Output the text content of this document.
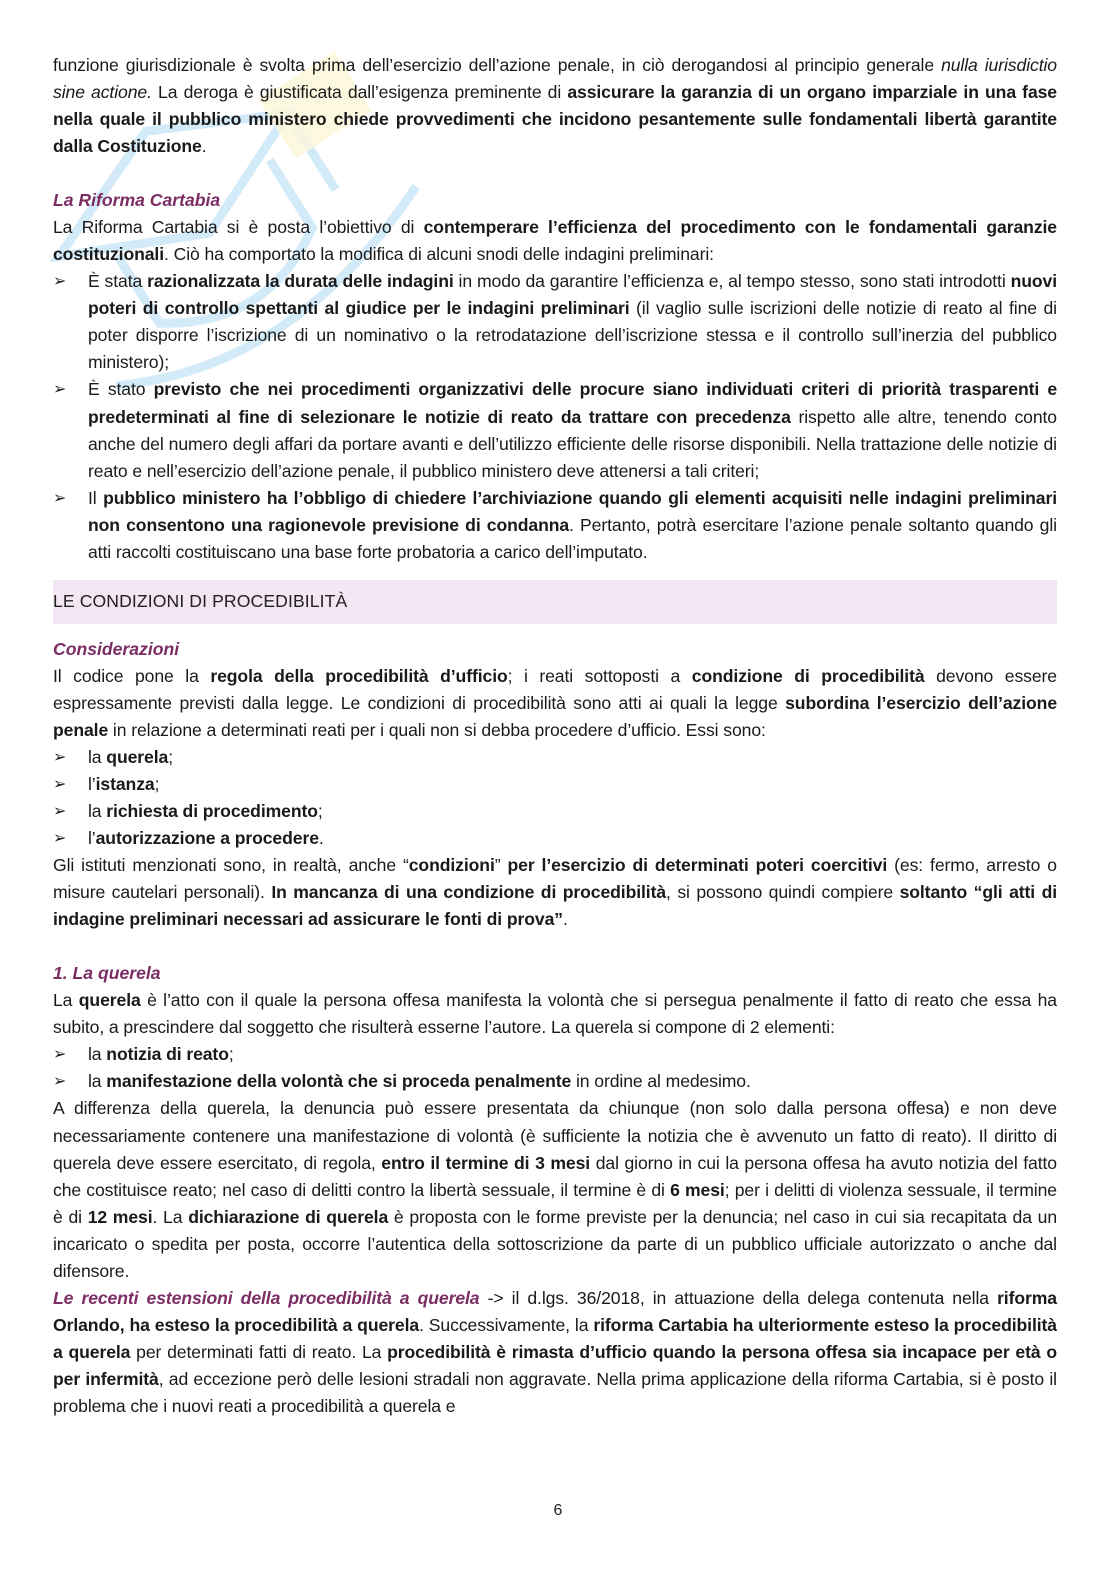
funzione giurisdizionale è svolta prima dell’esercizio dell’azione penale, in ciò derogandosi al principio generale nulla iurisdictio sine actione. La deroga è giustificata dall’esigenza preminente di assicurare la garanzia di un organo imparziale in una fase nella quale il pubblico ministero chiede provvedimenti che incidono pesantemente sulle fondamentali libertà garantite dalla Costituzione.

La Riforma Cartabia

La Riforma Cartabia si è posta l’obiettivo di contemperare l’efficienza del procedimento con le fondamentali garanzie costituzionali. Ciò ha comportato la modifica di alcuni snodi delle indagini preliminari:

➢	È stata razionalizzata la durata delle indagini in modo da garantire l’efficienza e, al tempo stesso, sono stati introdotti nuovi poteri di controllo spettanti al giudice per le indagini preliminari (il vaglio sulle iscrizioni delle notizie di reato al fine di poter disporre l’iscrizione di un nominativo o la retrodatazione dell’iscrizione stessa e il controllo sull’inerzia del pubblico ministero);
➢	È stato previsto che nei procedimenti organizzativi delle procure siano individuati criteri di priorità trasparenti e predeterminati al fine di selezionare le notizie di reato da trattare con precedenza rispetto alle altre, tenendo conto anche del numero degli affari da portare avanti e dell’utilizzo efficiente delle risorse disponibili. Nella trattazione delle notizie di reato e nell’esercizio dell’azione penale, il pubblico ministero deve attenersi a tali criteri;
➢	Il pubblico ministero ha l’obbligo di chiedere l’archiviazione quando gli elementi acquisiti nelle indagini preliminari non consentono una ragionevole previsione di condanna. Pertanto, potrà esercitare l’azione penale soltanto quando gli atti raccolti costituiscano una base forte probatoria a carico dell’imputato.
LE CONDIZIONI DI PROCEDIBILITÀ

Considerazioni

Il codice pone la regola della procedibilità d’ufficio; i reati sottoposti a condizione di procedibilità devono essere espressamente previsti dalla legge. Le condizioni di procedibilità sono atti ai quali la legge subordina l’esercizio dell’azione penale in relazione a determinati reati per i quali non si debba procedere d’ufficio. Essi sono:

➢	la querela;
➢	l’istanza;
➢	la richiesta di procedimento;
➢	l’autorizzazione a procedere.

Gli istituti menzionati sono, in realtà, anche “condizioni” per l’esercizio di determinati poteri coercitivi (es: fermo, arresto o misure cautelari personali). In mancanza di una condizione di procedibilità, si possono quindi compiere soltanto “gli atti di indagine preliminari necessari ad assicurare le fonti di prova”.

1. La querela

La querela è l’atto con il quale la persona offesa manifesta la volontà che si persegua penalmente il fatto di reato che essa ha subito, a prescindere dal soggetto che risulterà esserne l’autore. La querela si compone di 2 elementi:

➢	la notizia di reato;
➢	la manifestazione della volontà che si proceda penalmente in ordine al medesimo.

A differenza della querela, la denuncia può essere presentata da chiunque (non solo dalla persona offesa) e non deve necessariamente contenere una manifestazione di volontà (è sufficiente la notizia che è avvenuto un fatto di reato). Il diritto di querela deve essere esercitato, di regola, entro il termine di 3 mesi dal giorno in cui la persona offesa ha avuto notizia del fatto che costituisce reato; nel caso di delitti contro la libertà sessuale, il termine è di 6 mesi; per i delitti di violenza sessuale, il termine è di 12 mesi. La dichiarazione di querela è proposta con le forme previste per la denuncia; nel caso in cui sia recapitata da un incaricato o spedita per posta, occorre l’autentica della sottoscrizione da parte di un pubblico ufficiale autorizzato o anche dal difensore.

Le recenti estensioni della procedibilità a querela -> il d.lgs. 36/2018, in attuazione della delega contenuta nella riforma Orlando, ha esteso la procedibilità a querela. Successivamente, la riforma Cartabia ha ulteriormente esteso la procedibilità a querela per determinati fatti di reato. La procedibilità è rimasta d’ufficio quando la persona offesa sia incapace per età o per infermità, ad eccezione però delle lesioni stradali non aggravate. Nella prima applicazione della riforma Cartabia, si è posto il problema che i nuovi reati a procedibilità a querela e

6
